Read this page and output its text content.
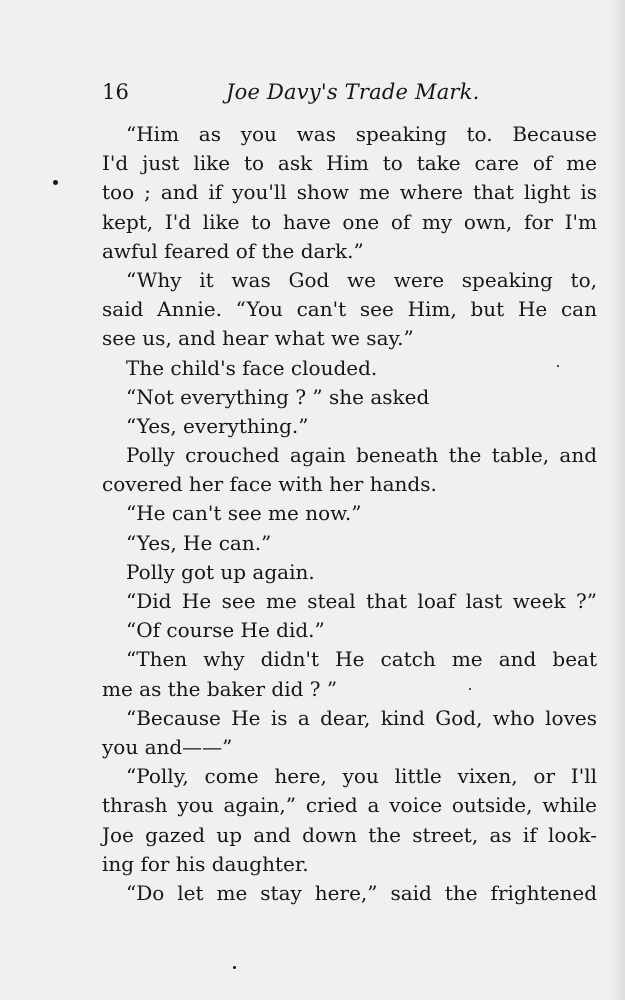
16	Joe Davy's Trade Mark.
“Him as you was speaking to. Because
I'd just like to ask Him to take care of me
too ; and if you'll show me where that light is
kept, I'd like to have one of my own, for I'm
awful feared of the dark.”
“Why it was God we were speaking to,
said Annie. “You can't see Him, but He can
see us, and hear what we say.”
The child's face clouded.
“Not everything ? ” she asked
“Yes, everything.”
Polly crouched again beneath the table, and
covered her face with her hands.
“He can't see me now.”
“Yes, He can.”
Polly got up again.
“Did He see me steal that loaf last week ?”
“Of course He did.”
“Then why didn't He catch me and beat
me as the baker did ? ”
“Because He is a dear, kind God, who loves
you and——”
“Polly, come here, you little vixen, or I'll
thrash you again,” cried a voice outside, while
Joe gazed up and down the street, as if look-
ing for his daughter.
“Do let me stay here,” said the frightened
